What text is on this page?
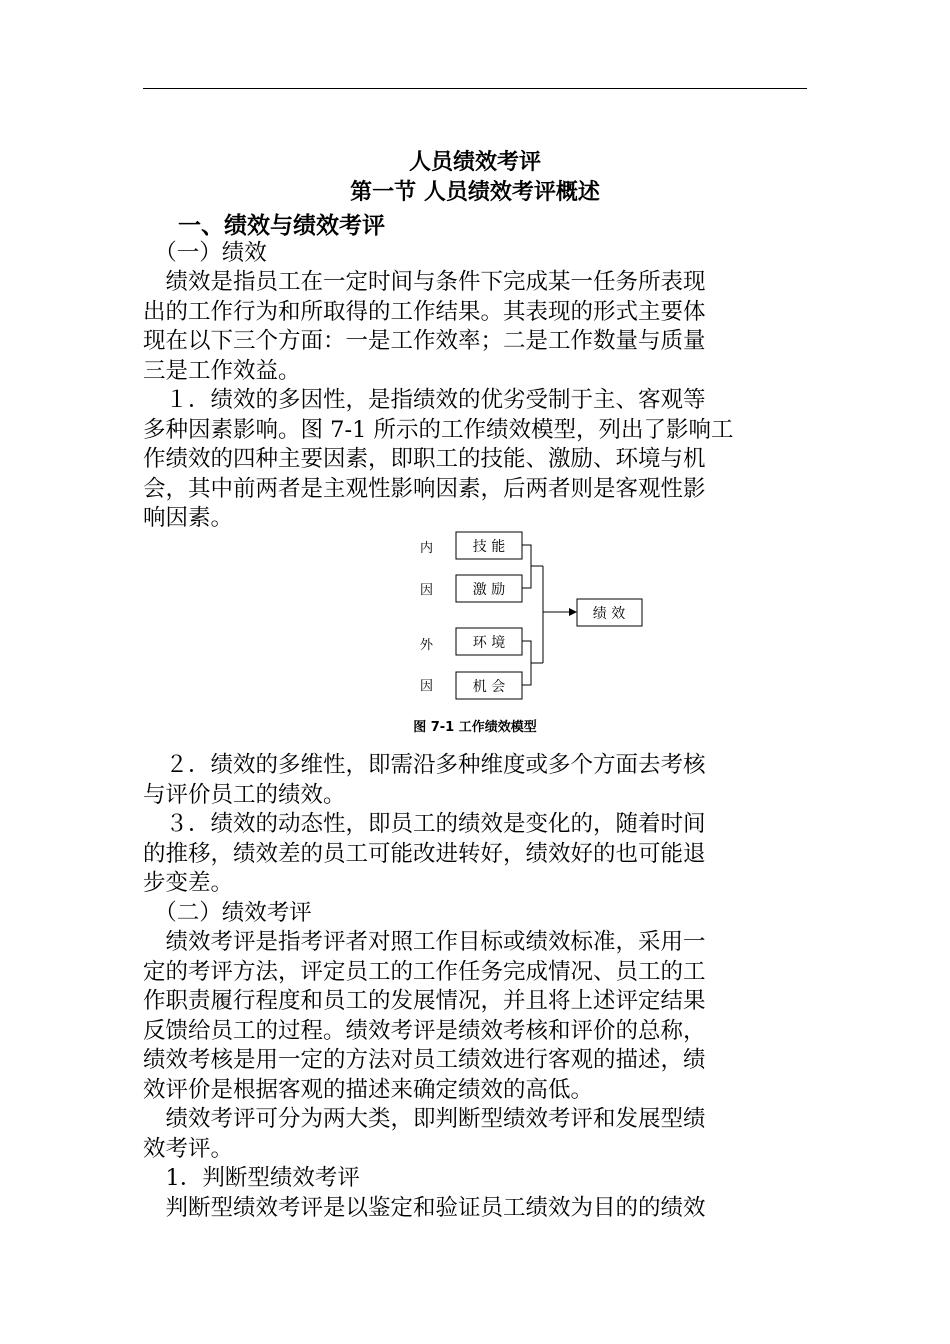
人员绩效考评
第一节 人员绩效考评概述
一、绩效与绩效考评
　（一）绩效
　绩效是指员工在一定时间与条件下完成某一任务所表现
出的工作行为和所取得的工作结果。其表现的形式主要体
现在以下三个方面：一是工作效率；二是工作数量与质量
三是工作效益。
　１．绩效的多因性，是指绩效的优劣受制于主、客观等
多种因素影响。图 7-1 所示的工作绩效模型，列出了影响工
作绩效的四种主要因素，即职工的技能、激励、环境与机
会，其中前两者是主观性影响因素，后两者则是客观性影
响因素。
内
因
外
因
技 能
激 励
环 境
机 会
绩 效
图 7-1 工作绩效模型
　２．绩效的多维性，即需沿多种维度或多个方面去考核
与评价员工的绩效。
　３．绩效的动态性，即员工的绩效是变化的，随着时间
的推移，绩效差的员工可能改进转好，绩效好的也可能退
步变差。
　（二）绩效考评
　绩效考评是指考评者对照工作目标或绩效标准，采用一
定的考评方法，评定员工的工作任务完成情况、员工的工
作职责履行程度和员工的发展情况，并且将上述评定结果
反馈给员工的过程。绩效考评是绩效考核和评价的总称，
绩效考核是用一定的方法对员工绩效进行客观的描述，绩
效评价是根据客观的描述来确定绩效的高低。
　绩效考评可分为两大类，即判断型绩效考评和发展型绩
效考评。
　1．判断型绩效考评
　判断型绩效考评是以鉴定和验证员工绩效为目的的绩效
